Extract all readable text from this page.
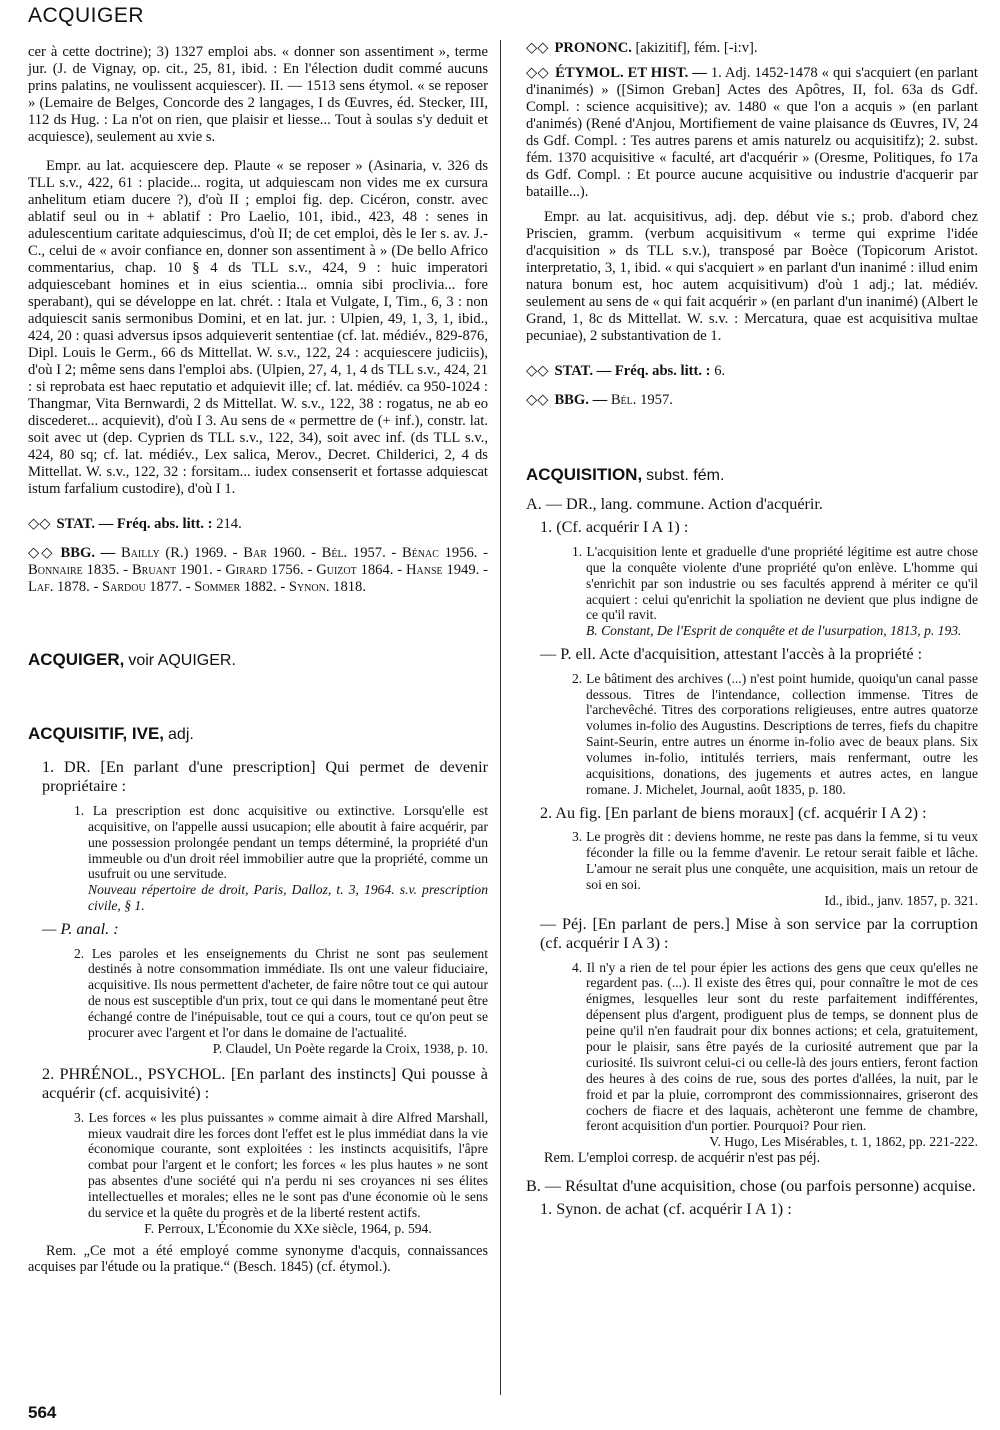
ACQUIGER

cer à cette doctrine); 3) 1327 emploi abs. « donner son assentiment », terme jur. (J. de Vignay, op. cit., 25, 81, ibid. : En l'élection dudit commé aucuns prins palatins, ne voulissent acquiescer). II. — 1513 sens étymol. « se reposer » (Lemaire de Belges, Concorde des 2 langages, I ds Œuvres, éd. Stecker, III, 112 ds Hug. : La n'ot on rien, que plaisir et liesse... Tout à soulas s'y deduit et acquiesce), seulement au xvie s.

Empr. au lat. acquiescere dep. Plaute « se reposer » (Asinaria, v. 326 ds TLL s.v., 422, 61 : placide... rogita, ut adquiescam non vides me ex cursura anhelitum etiam ducere ?), d'où II ; emploi fig. dep. Cicéron, constr. avec ablatif seul ou in + ablatif : Pro Laelio, 101, ibid., 423, 48 : senes in adulescentium caritate adquiescimus, d'où II; de cet emploi, dès le Ier s. av. J.-C., celui de « avoir confiance en, donner son assentiment à » (De bello Africo commentarius, chap. 10 § 4 ds TLL s.v., 424, 9 : huic imperatori adquiescebant homines et in eius scientia... omnia sibi proclivia... fore sperabant), qui se développe en lat. chrét. : Itala et Vulgate, I, Tim., 6, 3 : non adquiescit sanis sermonibus Domini, et en lat. jur. : Ulpien, 49, 1, 3, 1, ibid., 424, 20 : quasi adversus ipsos adquieverit sententiae (cf. lat. médiév., 829-876, Dipl. Louis le Germ., 66 ds Mittellat. W. s.v., 122, 24 : acquiescere judiciis), d'où I 2; même sens dans l'emploi abs. (Ulpien, 27, 4, 1, 4 ds TLL s.v., 424, 21 : si reprobata est haec reputatio et adquievit ille; cf. lat. médiév. ca 950-1024 : Thangmar, Vita Bernwardi, 2 ds Mittellat. W. s.v., 122, 38 : rogatus, ne ab eo discederet... acquievit), d'où I 3. Au sens de « permettre de (+ inf.), constr. lat. soit avec ut (dep. Cyprien ds TLL s.v., 122, 34), soit avec inf. (ds TLL s.v., 424, 80 sq; cf. lat. médiév., Lex salica, Merov., Decret. Childerici, 2, 4 ds Mittellat. W. s.v., 122, 32 : forsitam... iudex consenserit et fortasse adquiescat istum farfalium custodire), d'où I 1.

◇◇ STAT. — Fréq. abs. litt. : 214.

◇◇ BBG. — Bailly (R.) 1969. - Bar 1960. - Bél. 1957. - Bénac 1956. - Bonnaire 1835. - Bruant 1901. - Girard 1756. - Guizot 1864. - Hanse 1949. - Laf. 1878. - Sardou 1877. - Sommer 1882. - Synon. 1818.

ACQUIGER, voir AQUIGER.

ACQUISITIF, IVE, adj.

1. DR. [En parlant d'une prescription] Qui permet de devenir propriétaire :

1. La prescription est donc acquisitive ou extinctive. Lorsqu'elle est acquisitive, on l'appelle aussi usucapion; elle aboutit à faire acquérir, par une possession prolongée pendant un temps déterminé, la propriété d'un immeuble ou d'un droit réel immobilier autre que la propriété, comme un usufruit ou une servitude.

Nouveau répertoire de droit, Paris, Dalloz, t. 3, 1964. s.v. prescription civile, § 1.

— P. anal. :

2. Les paroles et les enseignements du Christ ne sont pas seulement destinés à notre consommation immédiate. Ils ont une valeur fiduciaire, acquisitive. Ils nous permettent d'acheter, de faire nôtre tout ce qui autour de nous est susceptible d'un prix, tout ce qui dans le momentané peut être échangé contre de l'inépuisable, tout ce qui a cours, tout ce qu'on peut se procurer avec l'argent et l'or dans le domaine de l'actualité.

P. Claudel, Un Poète regarde la Croix, 1938, p. 10.

2. PHRÉNOL., PSYCHOL. [En parlant des instincts] Qui pousse à acquérir (cf. acquisivité) :

3. Les forces « les plus puissantes » comme aimait à dire Alfred Marshall, mieux vaudrait dire les forces dont l'effet est le plus immédiat dans la vie économique courante, sont exploitées : les instincts acquisitifs, l'âpre combat pour l'argent et le confort; les forces « les plus hautes » ne sont pas absentes d'une société qui n'a perdu ni ses croyances ni ses élites intellectuelles et morales; elles ne le sont pas d'une économie où le sens du service et la quête du progrès et de la liberté restent actifs.

F. Perroux, L'Économie du XXe siècle, 1964, p. 594.

Rem. „Ce mot a été employé comme synonyme d'acquis, connaissances acquises par l'étude ou la pratique.“ (Besch. 1845) (cf. étymol.).

◇◇ PRONONC. [akizitif], fém. [-i:v].

◇◇ ÉTYMOL. ET HIST. — 1. Adj. 1452-1478 « qui s'acquiert (en parlant d'inanimés) » ([Simon Greban] Actes des Apôtres, II, fol. 63a ds Gdf. Compl. : science acquisitive); av. 1480 « que l'on a acquis » (en parlant d'animés) (René d'Anjou, Mortifiement de vaine plaisance ds Œuvres, IV, 24 ds Gdf. Compl. : Tes autres parens et amis naturelz ou acquisitifz); 2. subst. fém. 1370 acquisitive « faculté, art d'acquérir » (Oresme, Politiques, fo 17a ds Gdf. Compl. : Et pource aucune acquisitive ou industrie d'acquerir par bataille...).

Empr. au lat. acquisitivus, adj. dep. début vie s.; prob. d'abord chez Priscien, gramm. (verbum acquisitivum « terme qui exprime l'idée d'acquisition » ds TLL s.v.), transposé par Boèce (Topicorum Aristot. interpretatio, 3, 1, ibid. « qui s'acquiert » en parlant d'un inanimé : illud enim natura bonum est, hoc autem acquisitivum) d'où 1 adj.; lat. médiév. seulement au sens de « qui fait acquérir » (en parlant d'un inanimé) (Albert le Grand, 1, 8c ds Mittellat. W. s.v. : Mercatura, quae est acquisitiva multae pecuniae), 2 substantivation de 1.

◇◇ STAT. — Fréq. abs. litt. : 6.

◇◇ BBG. — Bél. 1957.

ACQUISITION, subst. fém.

A. — DR., lang. commune. Action d'acquérir.

1. (Cf. acquérir I A 1) :

1. L'acquisition lente et graduelle d'une propriété légitime est autre chose que la conquête violente d'une propriété qu'on enlève. L'homme qui s'enrichit par son industrie ou ses facultés apprend à mériter ce qu'il acquiert : celui qu'enrichit la spoliation ne devient que plus indigne de ce qu'il ravit.

B. Constant, De l'Esprit de conquête et de l'usurpation, 1813, p. 193.

— P. ell. Acte d'acquisition, attestant l'accès à la propriété :

2. Le bâtiment des archives (...) n'est point humide, quoiqu'un canal passe dessous. Titres de l'intendance, collection immense. Titres de l'archevêché. Titres des corporations religieuses, entre autres quatorze volumes in-folio des Augustins. Descriptions de terres, fiefs du chapitre Saint-Seurin, entre autres un énorme in-folio avec de beaux plans. Six volumes in-folio, intitulés terriers, mais renfermant, outre les acquisitions, donations, des jugements et autres actes, en langue romane. J. Michelet, Journal, août 1835, p. 180.

2. Au fig. [En parlant de biens moraux] (cf. acquérir I A 2) :

3. Le progrès dit : deviens homme, ne reste pas dans la femme, si tu veux féconder la fille ou la femme d'avenir. Le retour serait faible et lâche. L'amour ne serait plus une conquête, une acquisition, mais un retour de soi en soi.

Id., ibid., janv. 1857, p. 321.

— Péj. [En parlant de pers.] Mise à son service par la corruption (cf. acquérir I A 3) :

4. Il n'y a rien de tel pour épier les actions des gens que ceux qu'elles ne regardent pas. (...). Il existe des êtres qui, pour connaître le mot de ces énigmes, lesquelles leur sont du reste parfaitement indifférentes, dépensent plus d'argent, prodiguent plus de temps, se donnent plus de peine qu'il n'en faudrait pour dix bonnes actions; et cela, gratuitement, pour le plaisir, sans être payés de la curiosité autrement que par la curiosité. Ils suivront celui-ci ou celle-là des jours entiers, feront faction des heures à des coins de rue, sous des portes d'allées, la nuit, par le froid et par la pluie, corrompront des commissionnaires, griseront des cochers de fiacre et des laquais, achèteront une femme de chambre, feront acquisition d'un portier. Pourquoi? Pour rien.

V. Hugo, Les Misérables, t. 1, 1862, pp. 221-222.

Rem. L'emploi corresp. de acquérir n'est pas péj.

B. — Résultat d'une acquisition, chose (ou parfois personne) acquise.

1. Synon. de achat (cf. acquérir I A 1) :

564
